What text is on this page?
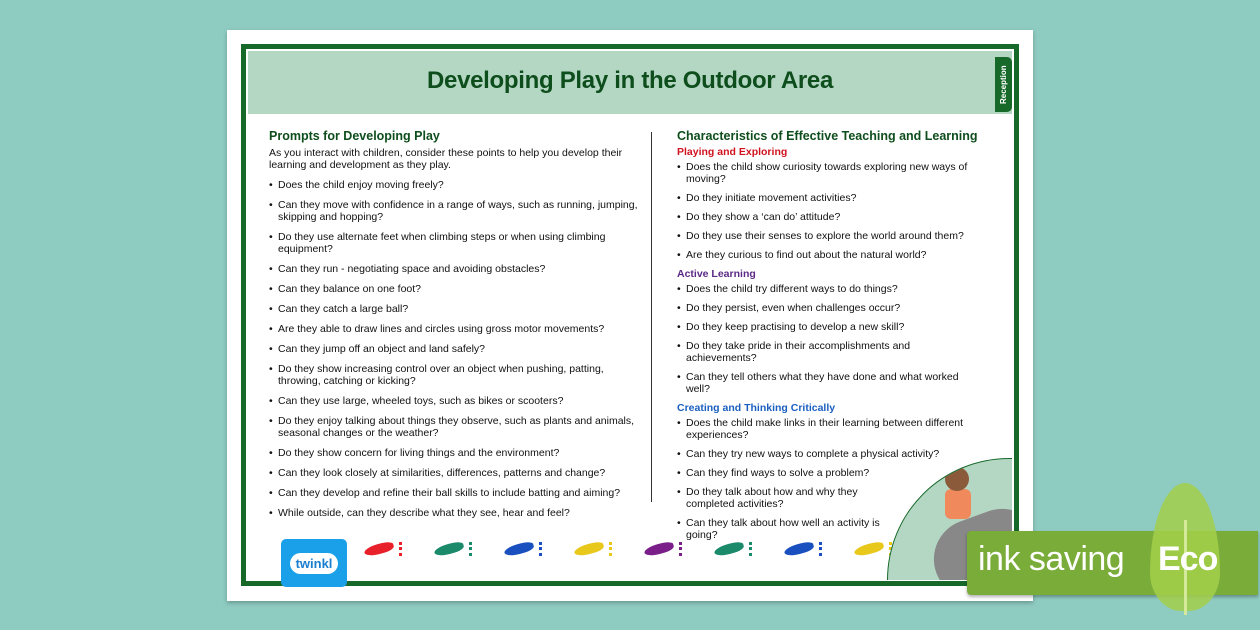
Developing Play in the Outdoor Area	Reception
Prompts for Developing Play

As you interact with children, consider these points to help you develop their learning and development as they play.

• Does the child enjoy moving freely?
• Can they move with confidence in a range of ways, such as running, jumping, skipping and hopping?
• Do they use alternate feet when climbing steps or when using climbing equipment?
• Can they run - negotiating space and avoiding obstacles?
• Can they balance on one foot?
• Can they catch a large ball?
• Are they able to draw lines and circles using gross motor movements?
• Can they jump off an object and land safely?
• Do they show increasing control over an object when pushing, patting, throwing, catching or kicking?
• Can they use large, wheeled toys, such as bikes or scooters?
• Do they enjoy talking about things they observe, such as plants and animals, seasonal changes or the weather?
• Do they show concern for living things and the environment?
• Can they look closely at similarities, differences, patterns and change?
• Can they develop and refine their ball skills to include batting and aiming?
• While outside, can they describe what they see, hear and feel?
Characteristics of Effective Teaching and Learning
Playing and Exploring
• Does the child show curiosity towards exploring new ways of moving?
• Do they initiate movement activities?
• Do they show a ‘can do’ attitude?
• Do they use their senses to explore the world around them?
• Are they curious to find out about the natural world?
Active Learning
• Does the child try different ways to do things?
• Do they persist, even when challenges occur?
• Do they keep practising to develop a new skill?
• Do they take pride in their accomplishments and achievements?
• Can they tell others what they have done and what worked well?
Creating and Thinking Critically
• Does the child make links in their learning between different experiences?
• Can they try new ways to complete a physical activity?
• Can they find ways to solve a problem?
• Do they talk about how and why they completed activities?
• Can they talk about how well an activity is going?
twinkl	ink saving Eco
